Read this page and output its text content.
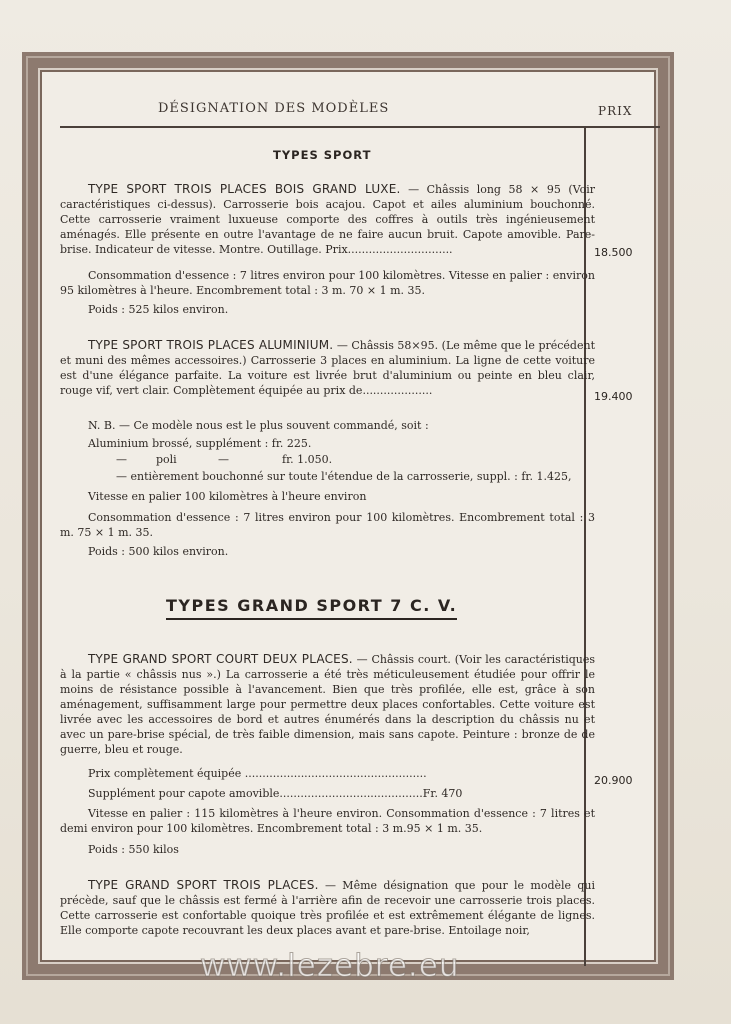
DÉSIGNATION DES MODÈLES	PRIX
TYPES SPORT
TYPE SPORT TROIS PLACES BOIS GRAND LUXE. — Châssis long 58 × 95 (Voir caractéristiques ci-dessus). Carrosserie bois acajou. Capot et ailes aluminium bouchonné. Cette carrosserie vraiment luxueuse comporte des coffres à outils très ingénieusement aménagés. Elle présente en outre l'avantage de ne faire aucun bruit. Capote amovible. Pare-brise. Indicateur de vitesse. Montre. Outillage. Prix..............................	18.500
Consommation d'essence : 7 litres environ pour 100 kilomètres. Vitesse en palier : environ 95 kilomètres à l'heure. Encombrement total : 3 m. 70 × 1 m. 35.
Poids : 525 kilos environ.
TYPE SPORT TROIS PLACES ALUMINIUM. — Châssis 58×95. (Le même que le précédent et muni des mêmes accessoires.) Carrosserie 3 places en aluminium. La ligne de cette voiture est d'une élégance parfaite. La voiture est livrée brut d'aluminium ou peinte en bleu clair, rouge vif, vert clair. Complètement équipée au prix de....................	19.400
N. B. — Ce modèle nous est le plus souvent commandé, soit :
Aluminium brossé, supplément : fr. 225.
—	poli	—	fr. 1.050.
— entièrement bouchonné sur toute l'étendue de la carrosserie, suppl. : fr. 1.425,
Vitesse en palier 100 kilomètres à l'heure environ
Consommation d'essence : 7 litres environ pour 100 kilomètres. Encombrement total : 3 m. 75 × 1 m. 35.
Poids : 500 kilos environ.
TYPES GRAND SPORT 7 C. V.
TYPE GRAND SPORT COURT DEUX PLACES. — Châssis court. (Voir les caractéristiques à la partie « châssis nus ».) La carrosserie a été très méticuleusement étudiée pour offrir le moins de résistance possible à l'avancement. Bien que très profilée, elle est, grâce à son aménagement, suffisamment large pour permettre deux places confortables. Cette voiture est livrée avec les accessoires de bord et autres énumérés dans la description du châssis nu et avec un pare-brise spécial, de très faible dimension, mais sans capote. Peinture : bronze de de guerre, bleu et rouge.
Prix complètement équipée ....................................................
20.900
Supplément pour capote amovible.........................................Fr. 470
Vitesse en palier : 115 kilomètres à l'heure environ. Consommation d'essence : 7 litres et demi environ pour 100 kilomètres. Encombrement total : 3 m.95 × 1 m. 35.
Poids : 550 kilos
TYPE GRAND SPORT TROIS PLACES. — Même désignation que pour le modèle qui précède, sauf que le châssis est fermé à l'arrière afin de recevoir une carrosserie trois places. Cette carrosserie est confortable quoique très profilée et est extrêmement élégante de lignes. Elle comporte capote recouvrant les deux places avant et pare-brise. Entoilage noir,
www.lezebre.eu
